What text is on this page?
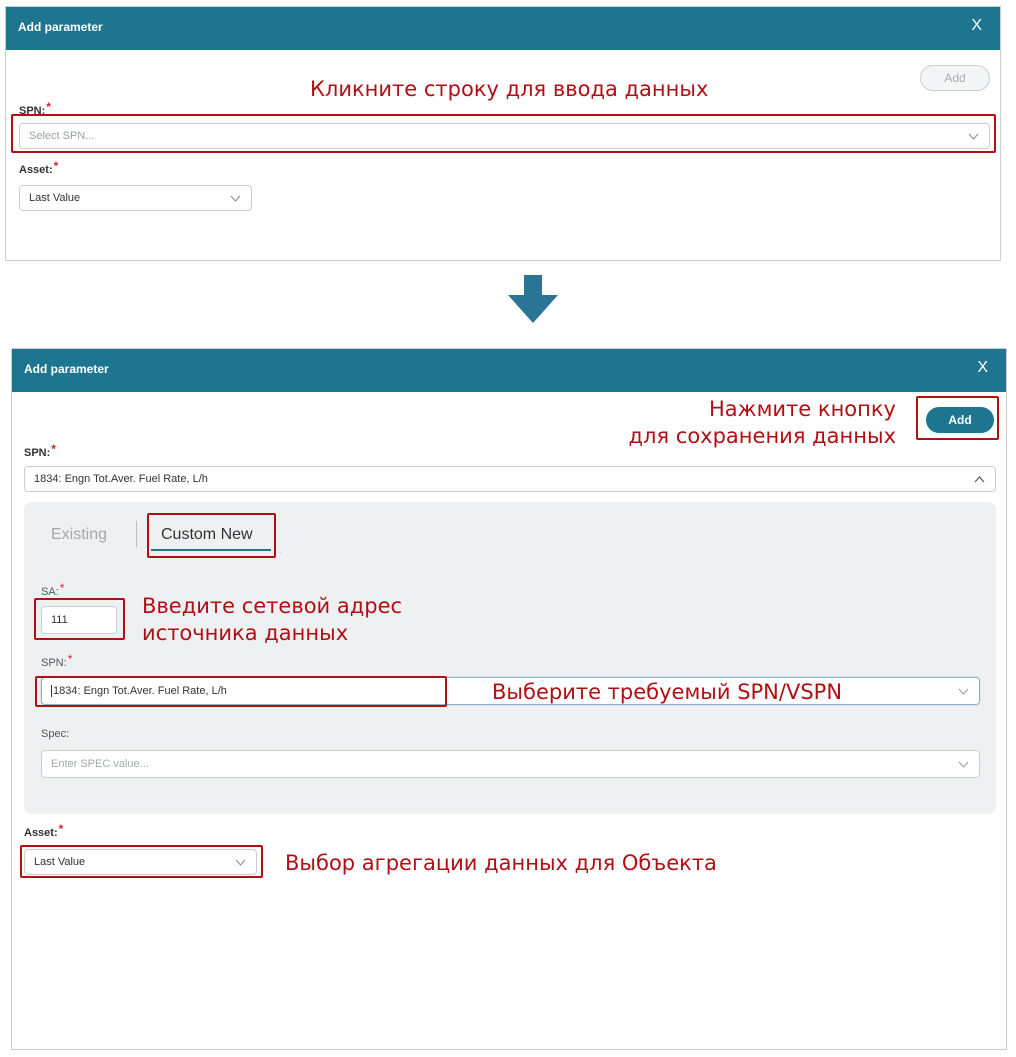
Add parameter	X
Add
SPN:*
Select SPN...
Asset:*
Last Value
Кликните строку для ввода данных
Add parameter	X
Add
SPN:*
1834: Engn Tot.Aver. Fuel Rate, L/h
Existing	Custom New
SA:*
111
SPN:*
1834: Engn Tot.Aver. Fuel Rate, L/h
Spec:
Enter SPEC value...
Asset:*
Last Value
Нажмите кнопку
для сохранения данных
Введите сетевой адрес
источника данных
Выберите требуемый SPN/VSPN
Выбор агрегации данных для Объекта
